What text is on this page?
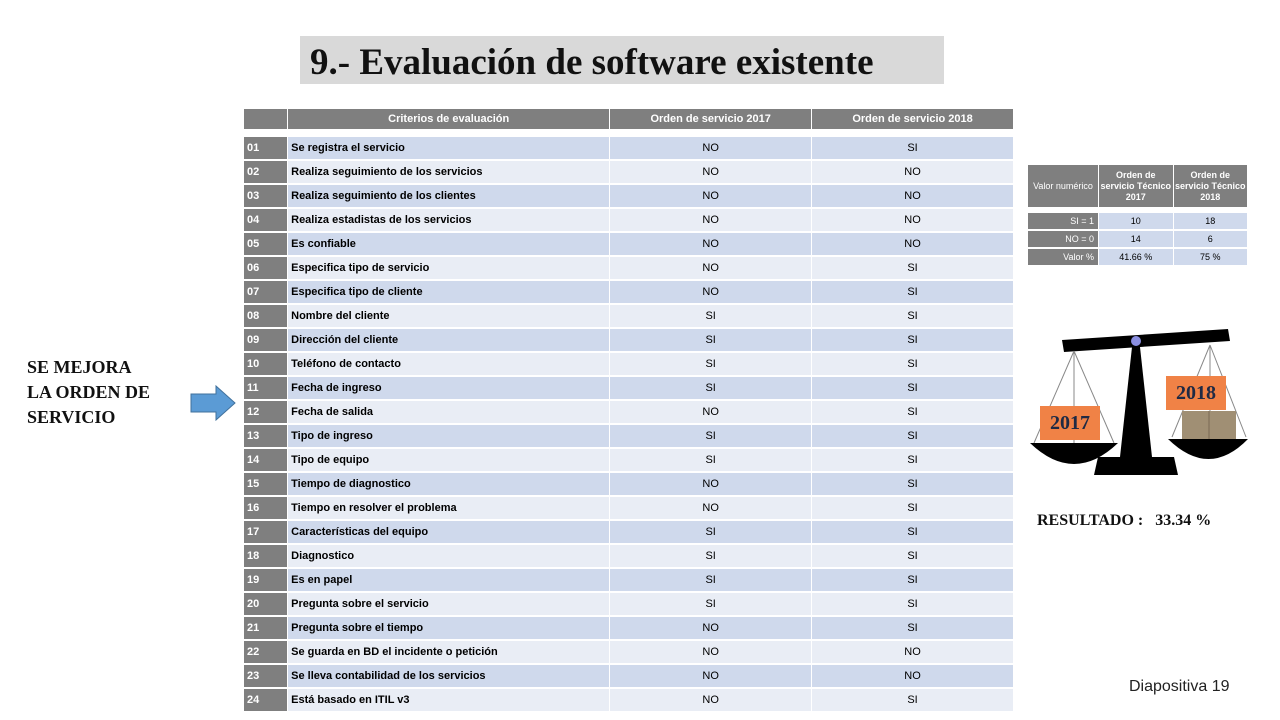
9.- Evaluación de software existente
	Criterios de evaluación	Orden de servicio 2017	Orden de servicio 2018

01	Se registra el servicio	NO	SI
02	Realiza seguimiento de los servicios	NO	NO
03	Realiza seguimiento de los clientes	NO	NO
04	Realiza estadistas de los servicios	NO	NO
05	Es confiable	NO	NO
06	Especifica tipo de servicio	NO	SI
07	Especifica tipo de cliente	NO	SI
08	Nombre del cliente	SI	SI
09	Dirección del cliente	SI	SI
10	Teléfono de contacto	SI	SI
11	Fecha de ingreso	SI	SI
12	Fecha de salida	NO	SI
13	Tipo de ingreso	SI	SI
14	Tipo de equipo	SI	SI
15	Tiempo de diagnostico	NO	SI
16	Tiempo en resolver el problema	NO	SI
17	Características del equipo	SI	SI
18	Diagnostico	SI	SI
19	Es en papel	SI	SI
20	Pregunta sobre el servicio	SI	SI
21	Pregunta sobre el tiempo	NO	SI
22	Se guarda en BD el incidente o petición	NO	NO
23	Se lleva contabilidad de los servicios	NO	NO
24	Está basado en ITIL v3	NO	SI
Valor numérico	Orden de servicio Técnico 2017	Orden de servicio Técnico 2018

SI = 1	10	18
NO = 0	14	6
Valor %	41.66 %	75 %
SE MEJORA
LA ORDEN DE
SERVICIO	2017
2018
RESULTADO : 33.34 %
Diapositiva 19
